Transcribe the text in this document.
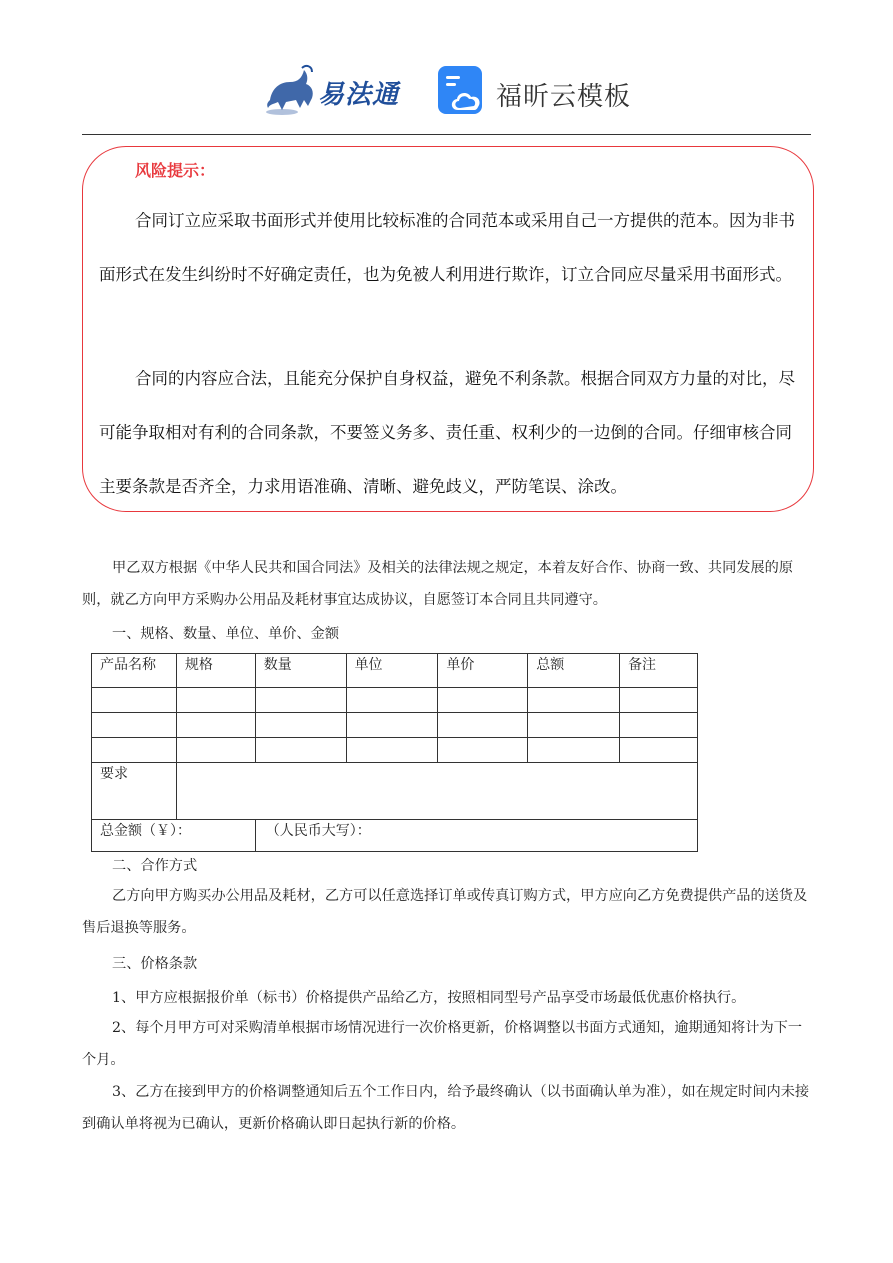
易法通	福昕云模板
风险提示：

合同订立应采取书面形式并使用比较标准的合同范本或采用自己一方提供的范本。因为非书面形式在发生纠纷时不好确定责任，也为免被人利用进行欺诈，订立合同应尽量采用书面形式。

合同的内容应合法，且能充分保护自身权益，避免不利条款。根据合同双方力量的对比，尽可能争取相对有利的合同条款，不要签义务多、责任重、权利少的一边倒的合同。仔细审核合同主要条款是否齐全，力求用语准确、清晰、避免歧义，严防笔误、涂改。

甲乙双方根据《中华人民共和国合同法》及相关的法律法规之规定，本着友好合作、协商一致、共同发展的原则，就乙方向甲方采购办公用品及耗材事宜达成协议，自愿签订本合同且共同遵守。

一、规格、数量、单位、单价、金额

产品名称	规格	数量	单位	单价	总额	备注

要求						
总金额（￥）：		（人民币大写）：				

二、合作方式

乙方向甲方购买办公用品及耗材，乙方可以任意选择订单或传真订购方式，甲方应向乙方免费提供产品的送货及售后退换等服务。

三、价格条款

1、甲方应根据报价单（标书）价格提供产品给乙方，按照相同型号产品享受市场最低优惠价格执行。

2、每个月甲方可对采购清单根据市场情况进行一次价格更新，价格调整以书面方式通知，逾期通知将计为下一个月。

3、乙方在接到甲方的价格调整通知后五个工作日内，给予最终确认（以书面确认单为准），如在规定时间内未接到确认单将视为已确认，更新价格确认即日起执行新的价格。
